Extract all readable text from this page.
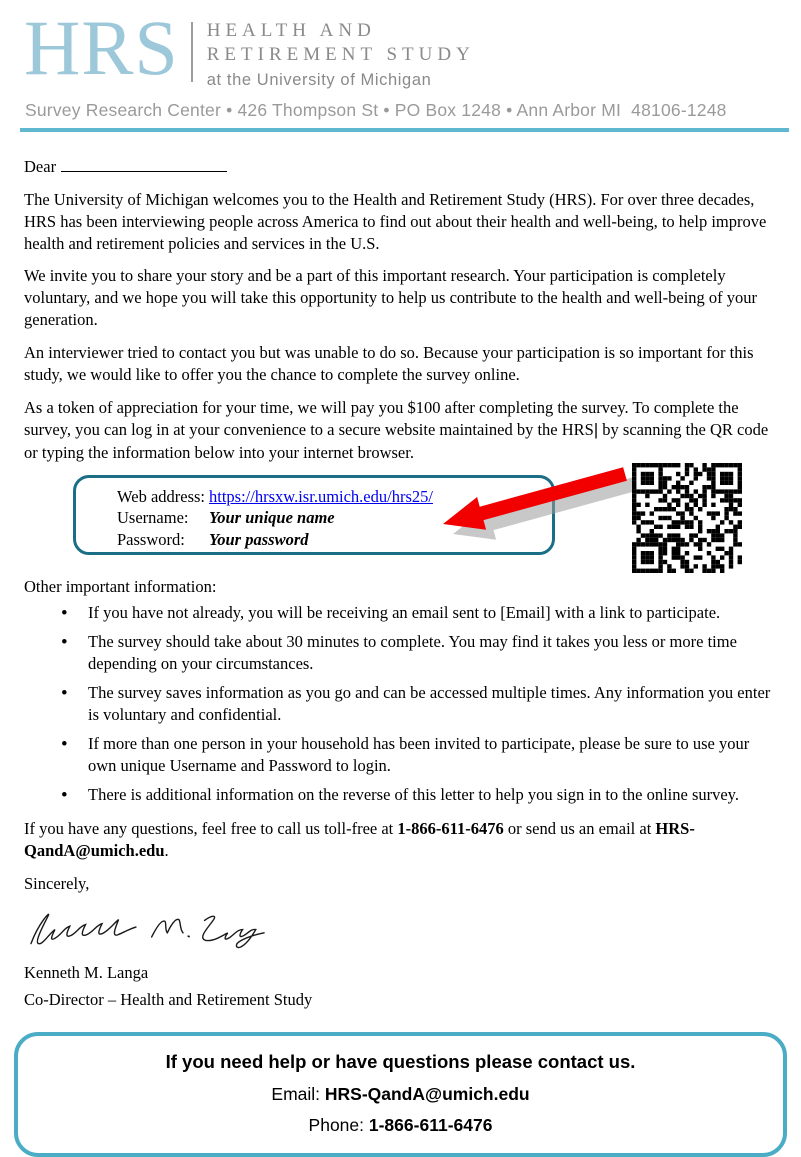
HRS HEALTH AND
RETIREMENT STUDY
at the University of Michigan
Survey Research Center • 426 Thompson St • PO Box 1248 • Ann Arbor MI  48106-1248
Dear

The University of Michigan welcomes you to the Health and Retirement Study (HRS). For over three decades, HRS has been interviewing people across America to find out about their health and well-being, to help improve health and retirement policies and services in the U.S.

We invite you to share your story and be a part of this important research. Your participation is completely voluntary, and we hope you will take this opportunity to help us contribute to the health and well-being of your generation.

An interviewer tried to contact you but was unable to do so. Because your participation is so important for this study, we would like to offer you the chance to complete the survey online.

As a token of appreciation for your time, we will pay you $100 after completing the survey. To complete the survey, you can log in at your convenience to a secure website maintained by the HRS| by scanning the QR code or typing the information below into your internet browser.

Web address: https://hrsxw.isr.umich.edu/hrs25/
Username:	Your unique name
Password:	Your password
Other important information:
• If you have not already, you will be receiving an email sent to [Email] with a link to participate.
• The survey should take about 30 minutes to complete. You may find it takes you less or more time depending on your circumstances.
• The survey saves information as you go and can be accessed multiple times. Any information you enter is voluntary and confidential.
• If more than one person in your household has been invited to participate, please be sure to use your own unique Username and Password to login.
• There is additional information on the reverse of this letter to help you sign in to the online survey.

If you have any questions, feel free to call us toll-free at 1-866-611-6476 or send us an email at HRS-QandA@umich.edu.

Sincerely,

Kenneth M. Langa
Co-Director – Health and Retirement Study
If you need help or have questions please contact us.
Email: HRS-QandA@umich.edu
Phone: 1-866-611-6476
